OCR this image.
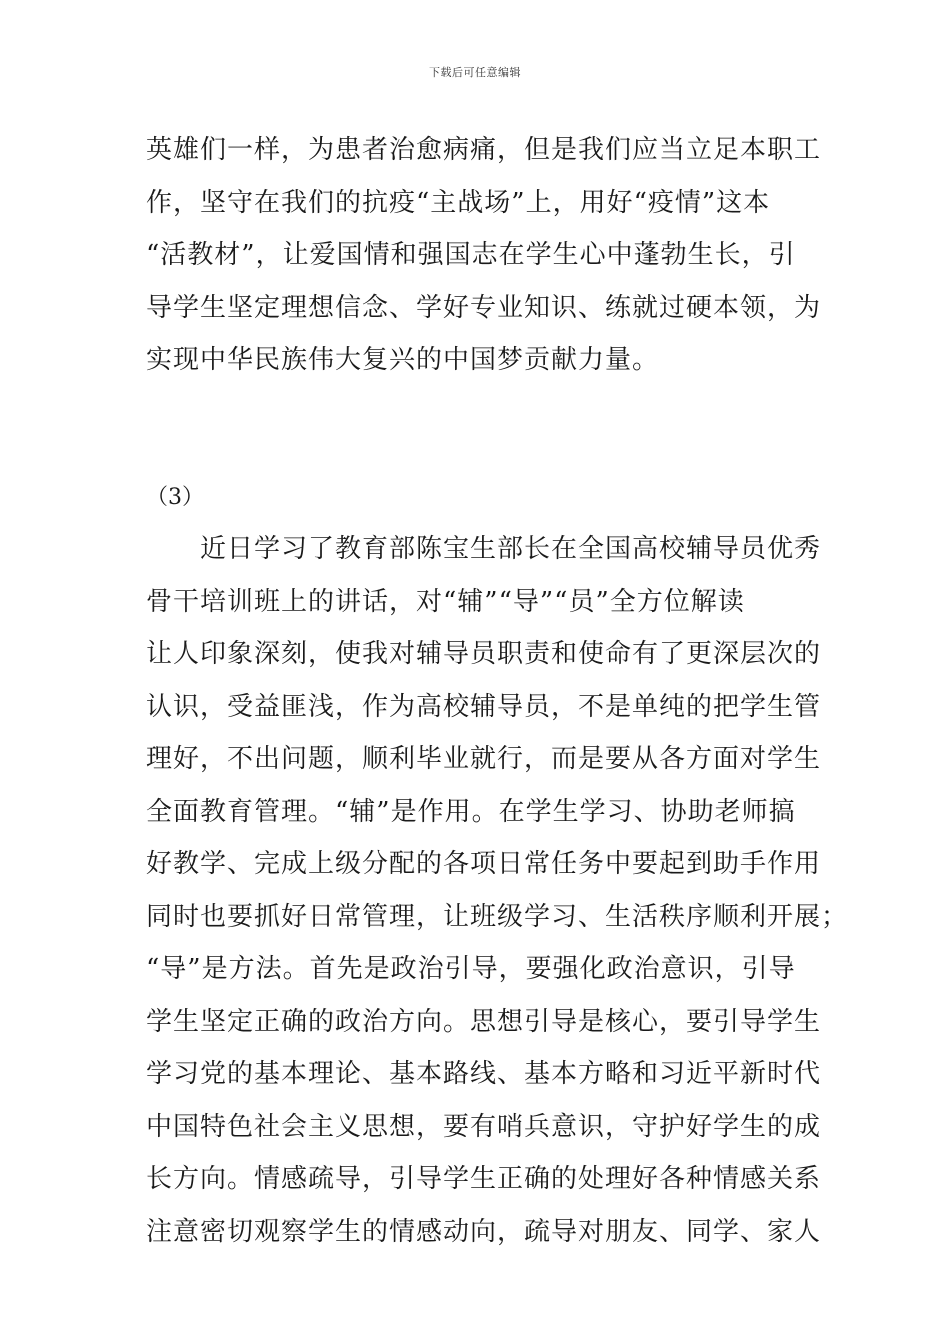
下载后可任意编辑
英雄们一样，为患者治愈病痛，但是我们应当立足本职工
作，坚守在我们的抗疫“主战场”上，用好“疫情”这本
“活教材”，让爱国情和强国志在学生心中蓬勃生长，引
导学生坚定理想信念、学好专业知识、练就过硬本领，为
实现中华民族伟大复兴的中国梦贡献力量。
（3）
　　近日学习了教育部陈宝生部长在全国高校辅导员优秀
骨干培训班上的讲话，对“辅”“导”“员”全方位解读
让人印象深刻，使我对辅导员职责和使命有了更深层次的
认识，受益匪浅，作为高校辅导员，不是单纯的把学生管
理好，不出问题，顺利毕业就行，而是要从各方面对学生
全面教育管理。“辅”是作用。在学生学习、协助老师搞
好教学、完成上级分配的各项日常任务中要起到助手作用
同时也要抓好日常管理，让班级学习、生活秩序顺利开展；
“导”是方法。首先是政治引导，要强化政治意识，引导
学生坚定正确的政治方向。思想引导是核心，要引导学生
学习党的基本理论、基本路线、基本方略和习近平新时代
中国特色社会主义思想，要有哨兵意识，守护好学生的成
长方向。情感疏导，引导学生正确的处理好各种情感关系
注意密切观察学生的情感动向，疏导对朋友、同学、家人
